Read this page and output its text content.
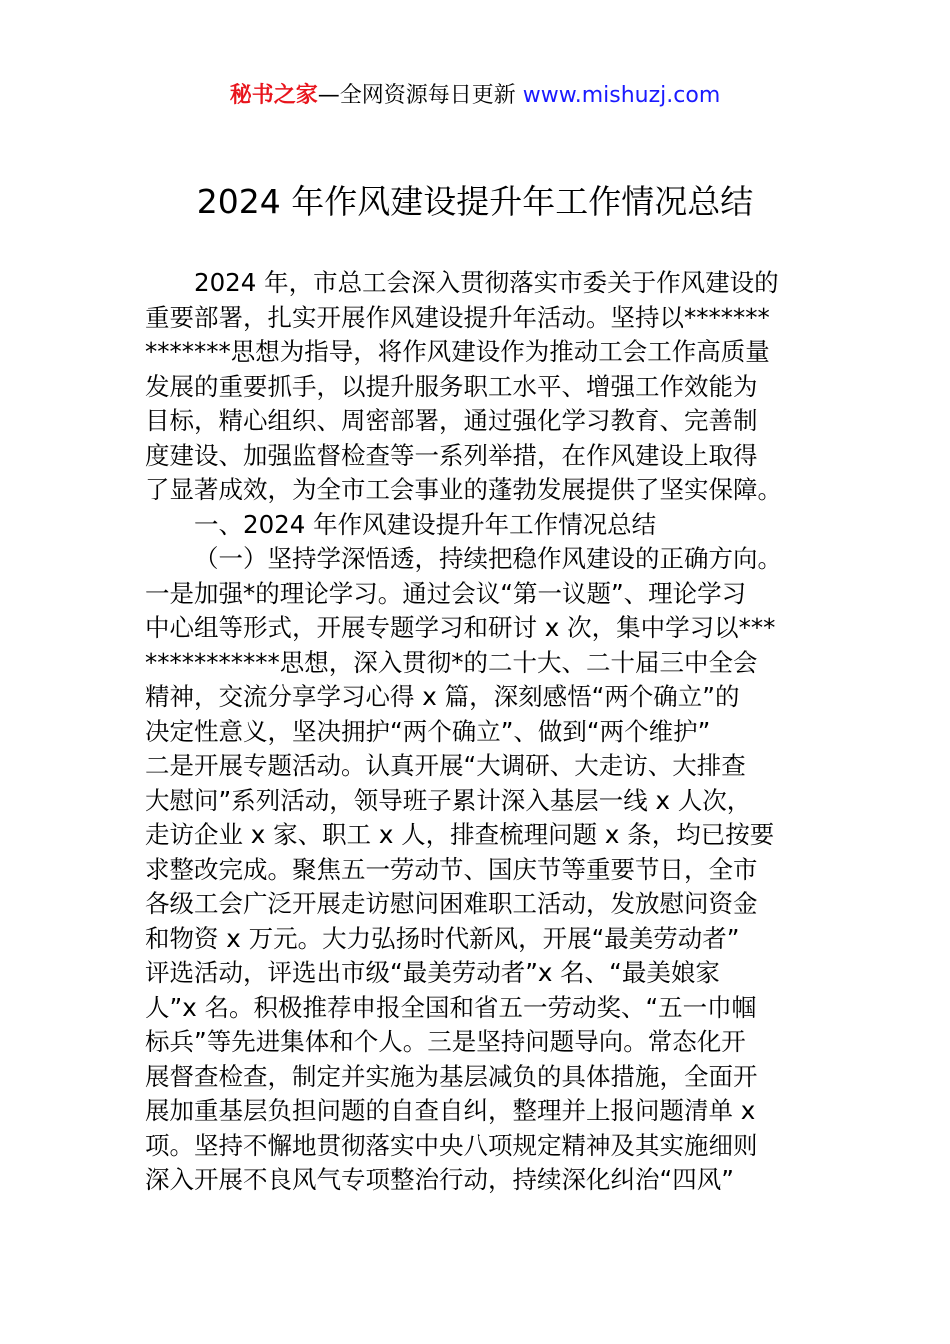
秘书之家—全网资源每日更新 www.mishuzj.com
2024 年作风建设提升年工作情况总结
2024 年，市总工会深入贯彻落实市委关于作风建设的
重要部署，扎实开展作风建设提升年活动。坚持以*******
*******思想为指导，将作风建设作为推动工会工作高质量
发展的重要抓手，以提升服务职工水平、增强工作效能为
目标，精心组织、周密部署，通过强化学习教育、完善制
度建设、加强监督检查等一系列举措，在作风建设上取得
了显著成效，为全市工会事业的蓬勃发展提供了坚实保障。
一、2024 年作风建设提升年工作情况总结
（一）坚持学深悟透，持续把稳作风建设的正确方向。
一是加强*的理论学习。通过会议“第一议题”、理论学习
中心组等形式，开展专题学习和研讨 x 次，集中学习以***
***********思想，深入贯彻*的二十大、二十届三中全会
精神，交流分享学习心得 x 篇，深刻感悟“两个确立”的
决定性意义，坚决拥护“两个确立”、做到“两个维护”
二是开展专题活动。认真开展“大调研、大走访、大排查
大慰问”系列活动，领导班子累计深入基层一线 x 人次，
走访企业 x 家、职工 x 人，排查梳理问题 x 条，均已按要
求整改完成。聚焦五一劳动节、国庆节等重要节日，全市
各级工会广泛开展走访慰问困难职工活动，发放慰问资金
和物资 x 万元。大力弘扬时代新风，开展“最美劳动者”
评选活动，评选出市级“最美劳动者”x 名、“最美娘家
人”x 名。积极推荐申报全国和省五一劳动奖、“五一巾帼
标兵”等先进集体和个人。三是坚持问题导向。常态化开
展督查检查，制定并实施为基层减负的具体措施，全面开
展加重基层负担问题的自查自纠，整理并上报问题清单 x
项。坚持不懈地贯彻落实中央八项规定精神及其实施细则
深入开展不良风气专项整治行动，持续深化纠治“四风”
